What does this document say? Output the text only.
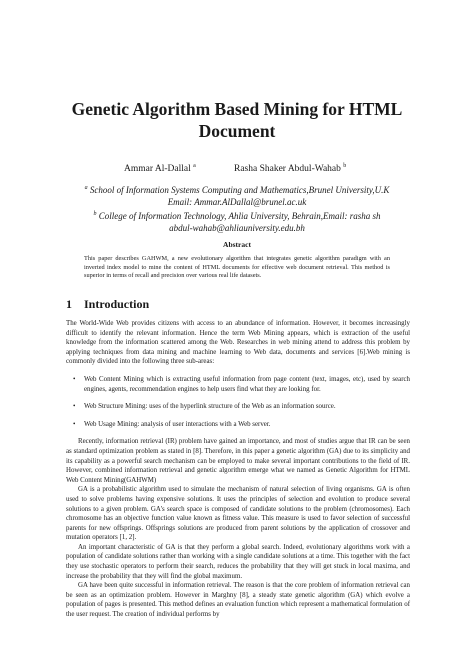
Genetic Algorithm Based Mining for HTML Document
Ammar Al-Dallal $^a$	Rasha Shaker Abdul-Wahab $^b$
$^a$ School of Information Systems Computing and Mathematics,Brunel University,U.K
Email: Ammar.AlDallal@brunel.ac.uk
$^b$ College of Information Technology, Ahlia University, Behrain,Email: rasha sh
abdul-wahab@ahliauniversity.edu.bh
Abstract
This paper describes GAHWM, a new evolutionary algorithm that integrates genetic algorithm paradigm with an inverted index model to mine the content of HTML documents for effective web document retrieval. This method is superior in terms of recall and precision over various real life datasets.
1 Introduction

The World-Wide Web provides citizens with access to an abundance of information. However, it becomes increasingly difficult to identify the relevant information. Hence the term Web Mining appears, which is extraction of the useful knowledge from the information scattered among the Web. Researches in web mining attend to address this problem by applying techniques from data mining and machine learning to Web data, documents and services [6].Web mining is commonly divided into the following three sub-areas:

• Web Content Mining which is extracting useful information from page content (text, images, etc), used by search engines, agents, recommendation engines to help users find what they are looking for.
• Web Structure Mining: uses of the hyperlink structure of the Web as an information source.
• Web Usage Mining: analysis of user interactions with a Web server.

Recently, information retrieval (IR) problem have gained an importance, and most of studies argue that IR can be seen as standard optimization problem as stated in [8]. Therefore, in this paper a genetic algorithm (GA) due to its simplicity and its capability as a powerful search mechanism can be employed to make several important contributions to the field of IR. However, combined information retrieval and genetic algorithm emerge what we named as Genetic Algorithm for HTML Web Content Mining(GAHWM)

GA is a probabilistic algorithm used to simulate the mechanism of natural selection of living organisms. GA is often used to solve problems having expensive solutions. It uses the principles of selection and evolution to produce several solutions to a given problem. GA's search space is composed of candidate solutions to the problem (chromosomes). Each chromosome has an objective function value known as fitness value. This measure is used to favor selection of successful parents for new offsprings. Offsprings solutions are produced from parent solutions by the application of crossover and mutation operators [1, 2].

An important characteristic of GA is that they perform a global search. Indeed, evolutionary algorithms work with a population of candidate solutions rather than working with a single candidate solutions at a time. This together with the fact they use stochastic operators to perform their search, reduces the probability that they will get stuck in local maxima, and increase the probability that they will find the global maximum.

GA have been quite successful in information retrieval. The reason is that the core problem of information retrieval can be seen as an optimization problem. However in Marghny [8], a steady state genetic algorithm (GA) which evolve a population of pages is presented. This method defines an evaluation function which represent a mathematical formulation of the user request. The creation of individual performs by
